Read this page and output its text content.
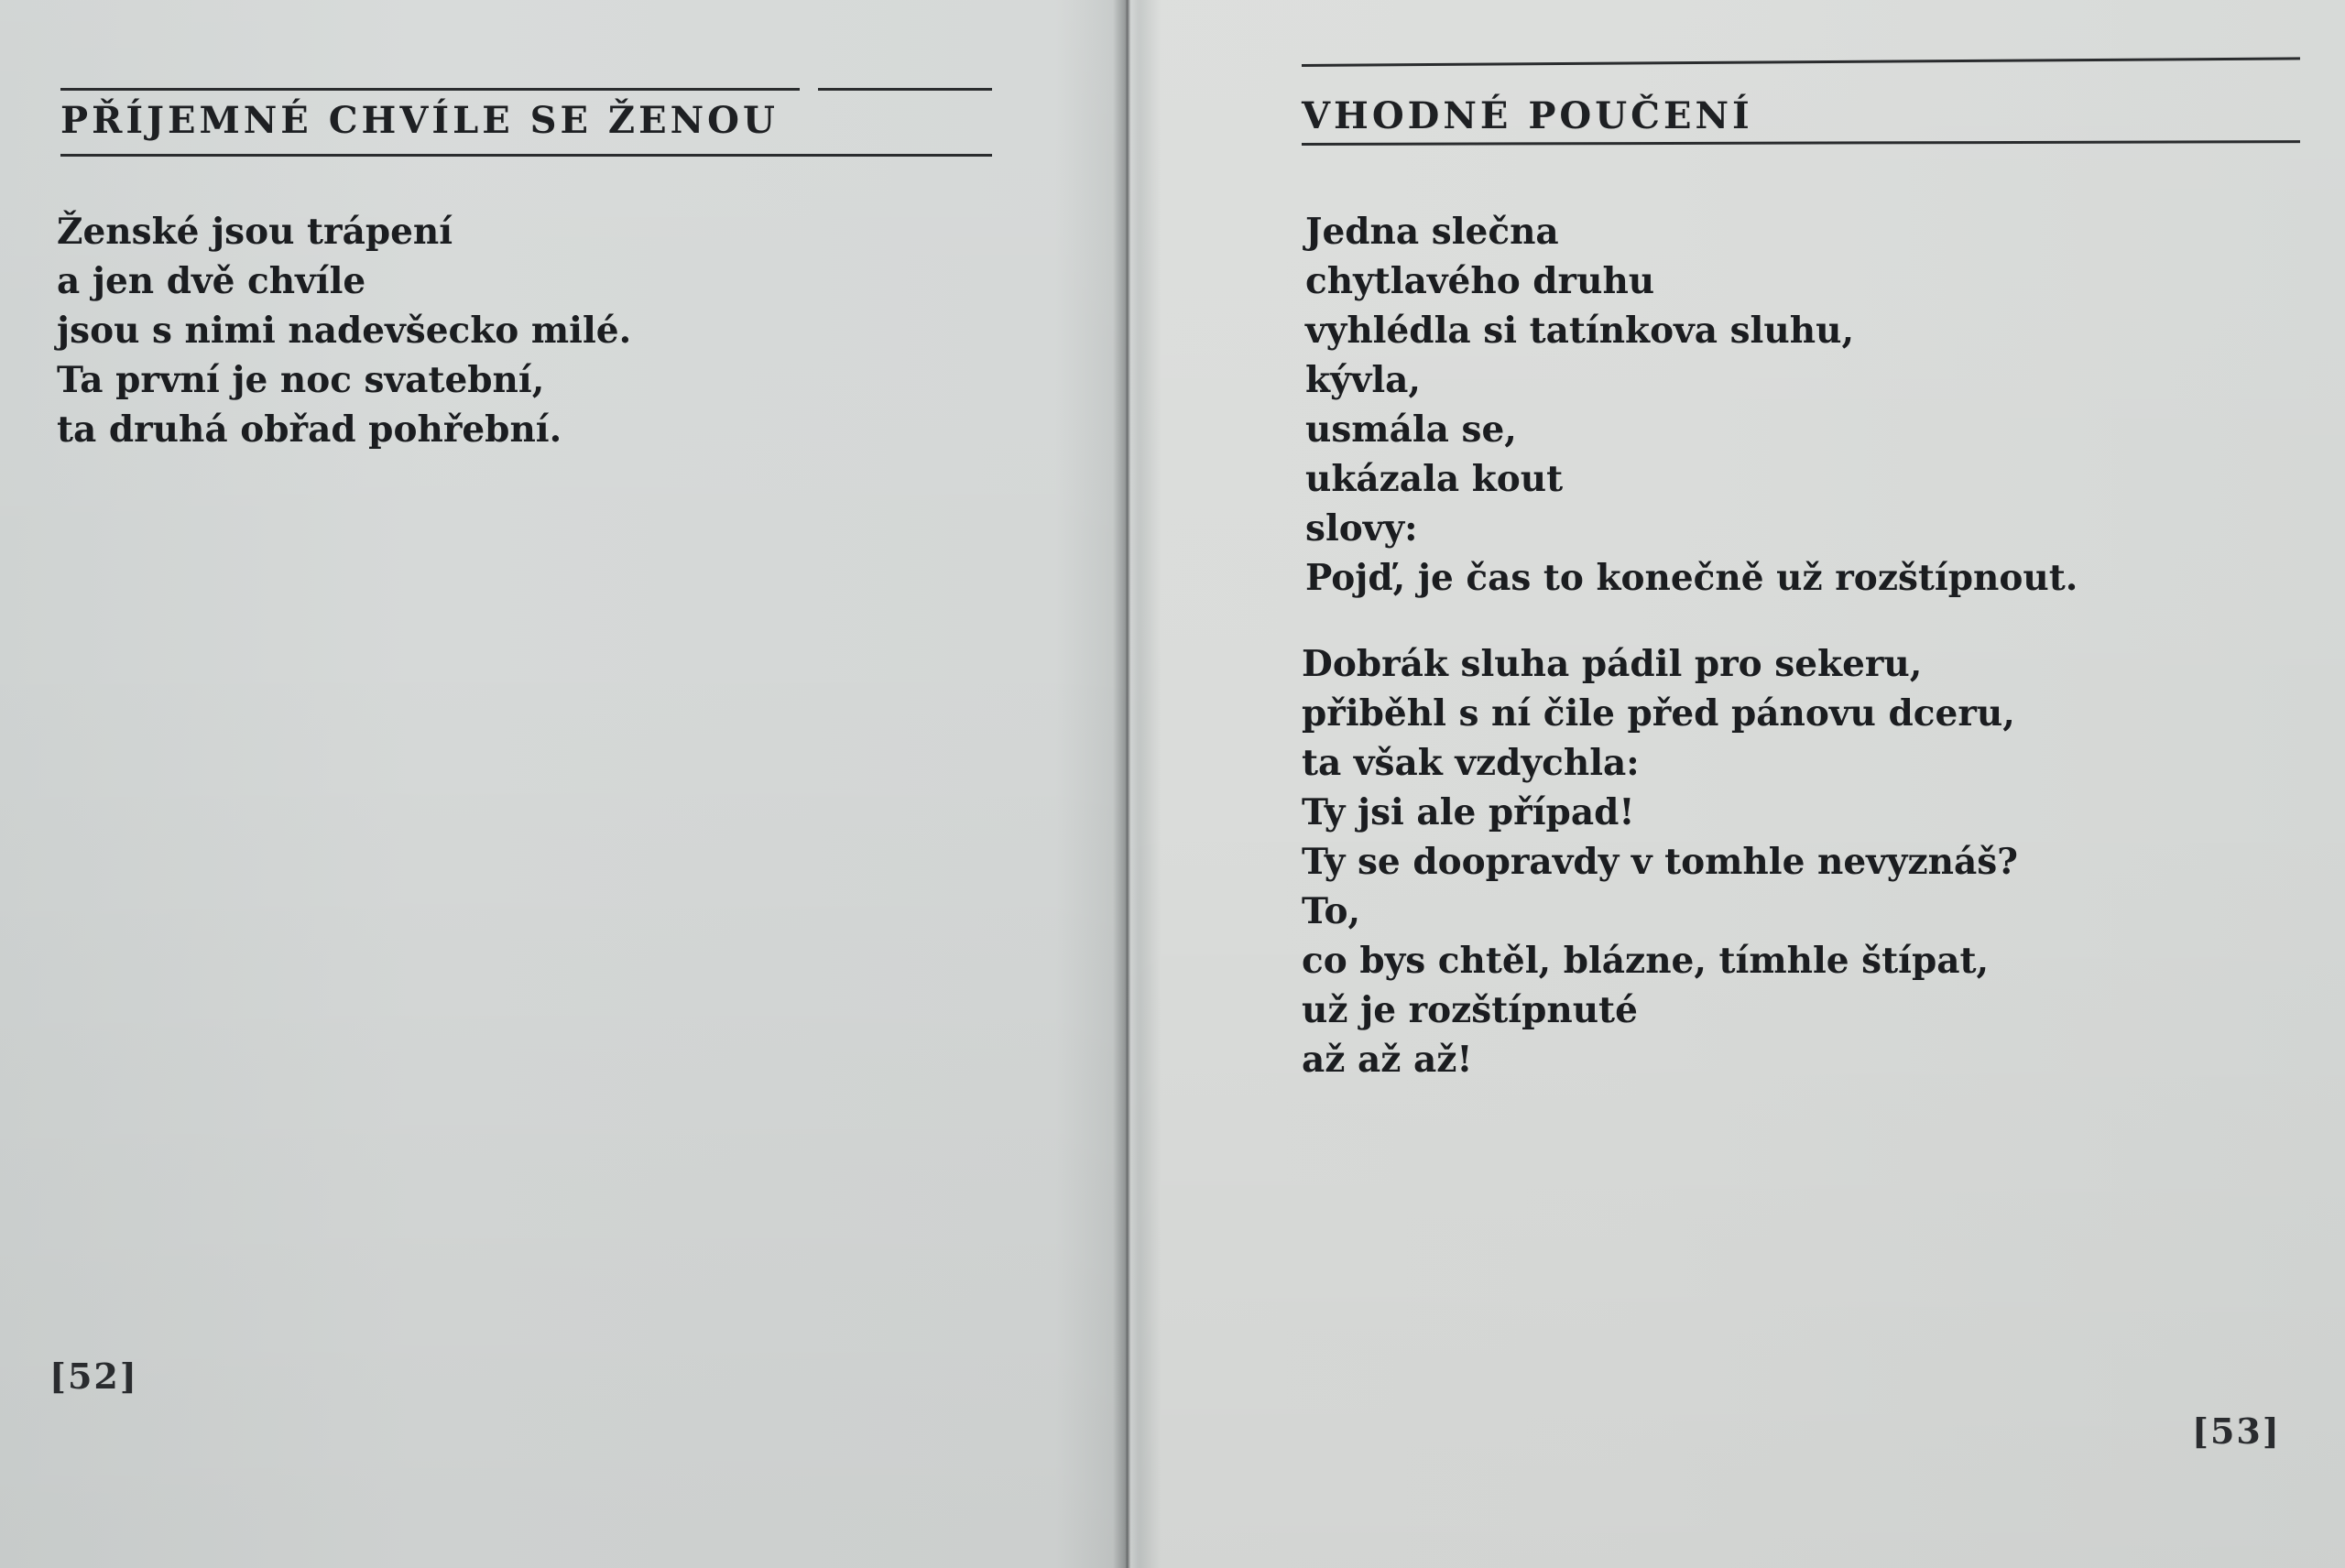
PŘÍJEMNÉ CHVÍLE SE ŽENOU
Ženské jsou trápení
a jen dvě chvíle
jsou s nimi nadevšecko milé.
Ta první je noc svatební,
ta druhá obřad pohřební.
[52]
VHODNÉ POUČENÍ
Jedna slečna
chytlavého druhu
vyhlédla si tatínkova sluhu,
kývla,
usmála se,
ukázala kout
slovy:
Pojď, je čas to konečně už rozštípnout.
Dobrák sluha pádil pro sekeru,
přiběhl s ní čile před pánovu dceru,
ta však vzdychla:
Ty jsi ale případ!
Ty se doopravdy v tomhle nevyznáš?
To,
co bys chtěl, blázne, tímhle štípat,
už je rozštípnuté
až až až!
[53]
